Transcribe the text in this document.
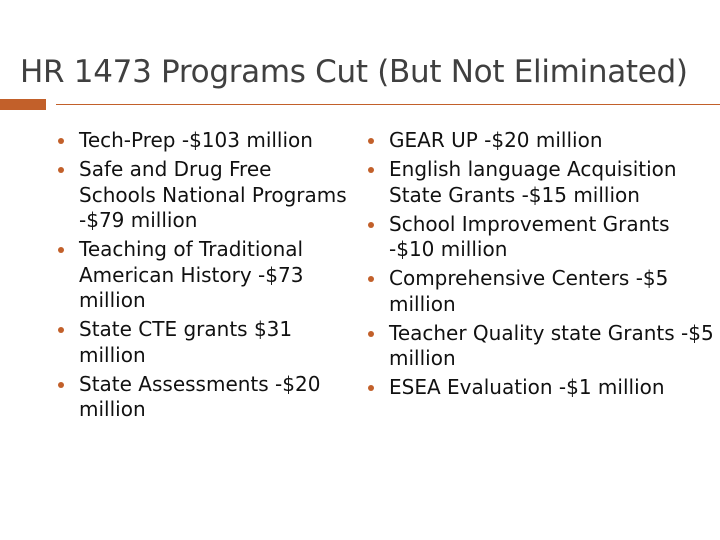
HR 1473 Programs Cut (But Not Eliminated)
Tech-Prep -$103 million
Safe and Drug Free Schools National Programs -$79 million
Teaching of Traditional American History -$73 million
State CTE grants $31 million
State Assessments -$20 million
GEAR UP -$20 million
English language Acquisition State Grants -$15 million
School Improvement Grants -$10 million
Comprehensive Centers -$5 million
Teacher Quality state Grants -$5 million
ESEA Evaluation -$1 million
